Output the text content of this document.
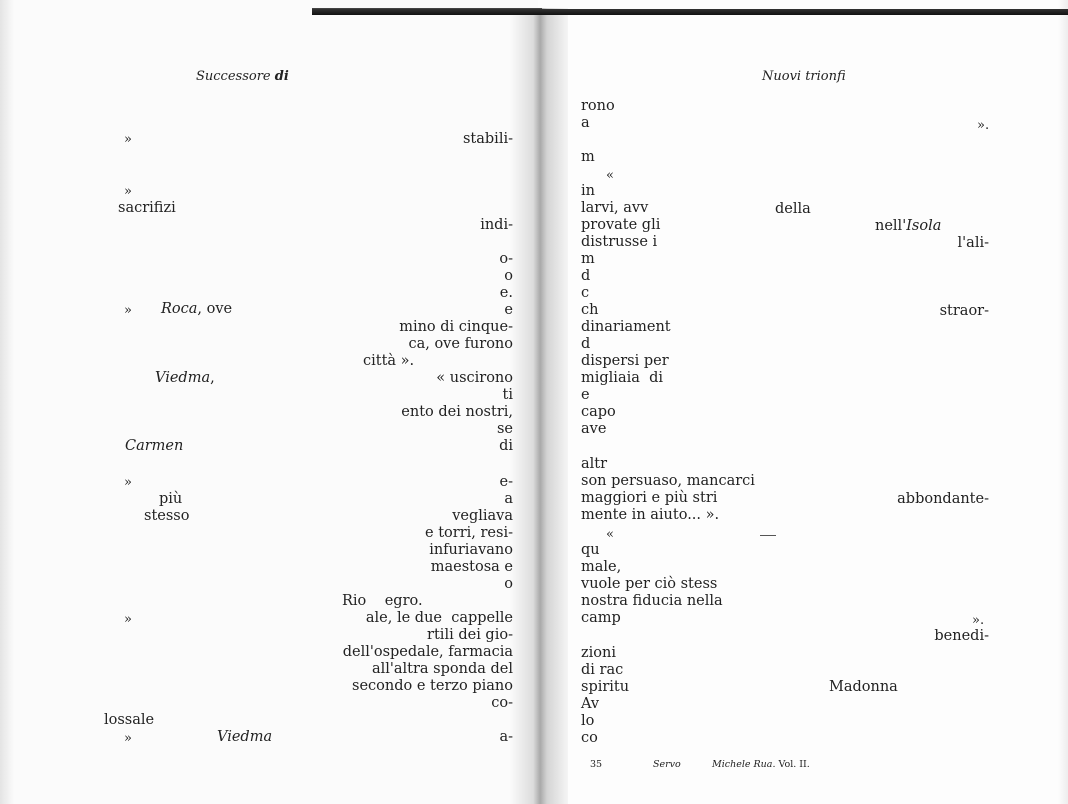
Successore di
»	stabili-
»
sacrifizi
indi-
o-
o
e.
» Roca, ove	e
mino di cinque-
ca, ove furono
città ».
Viedma,	« uscirono
ti
ento dei nostri,
se
Carmen	di
»	e-
più	a
stesso	vegliava
e torri, resi-
infuriavano
maestosa e
o
Rio    egro.
»	ale, le due  cappelle
rtili dei gio-
dell'ospedale, farmacia
all'altra sponda del
secondo e terzo piano
co-
lossale
»	Viedma	a-
Nuovi trionfi
rono
a	».
m
«
in
larvi, avv	della
provate gli	nell'Isola
distrusse i	l'ali-
m
d
c
ch	straor-
dinariament
d
dispersi per
migliaia  di
e
capo
ave
altr
son persuaso, mancarci
maggiori e più stri	abbondante-
mente in aiuto... ».
«
qu
male,
vuole per ciò stess
nostra fiducia nella
camp	».
benedi-
zioni
di rac
spiritu	Madonna
Av
lo
co
35	Servo	Michele Rua. Vol. II.
